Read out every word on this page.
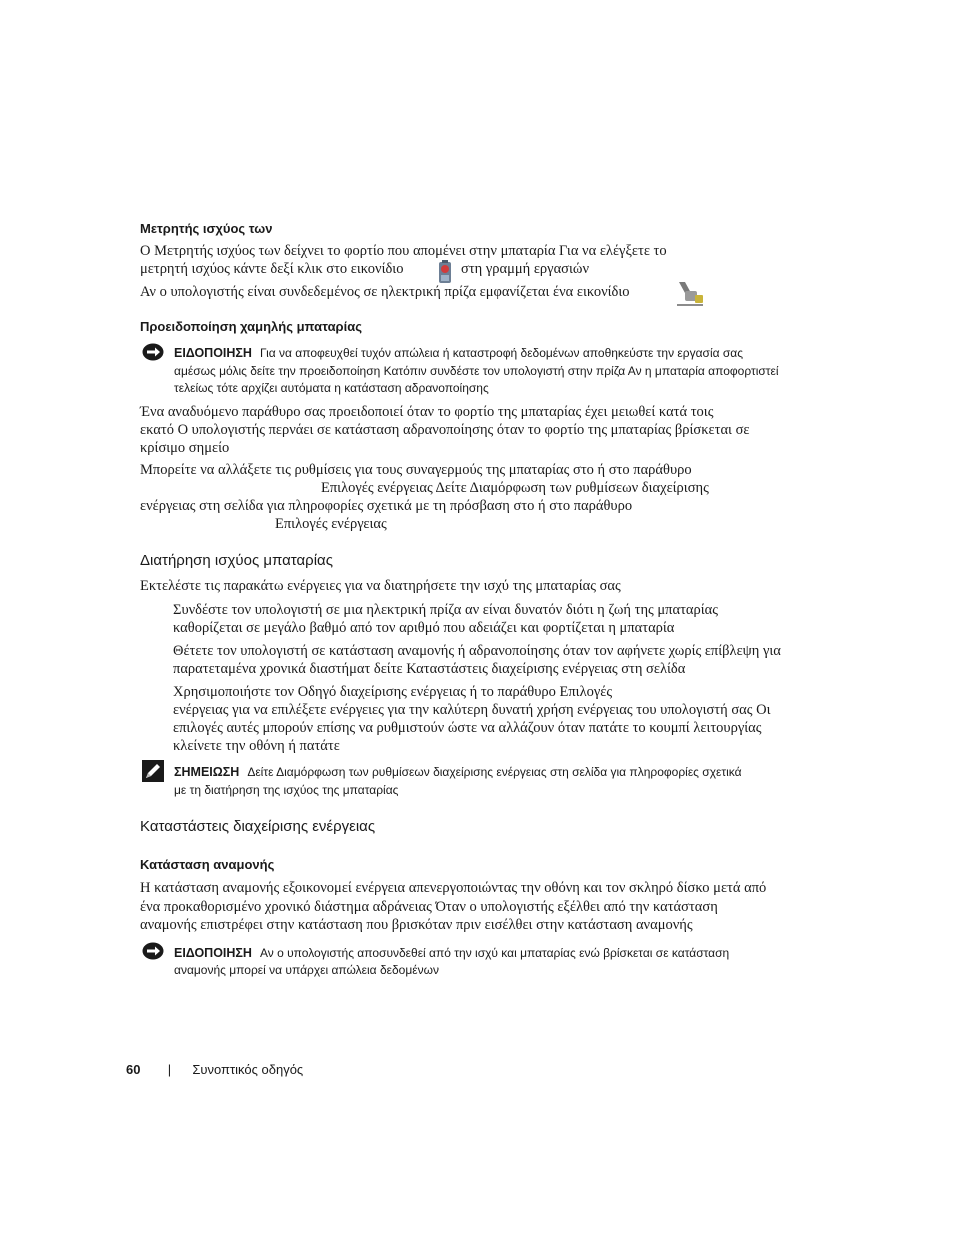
Μετρητής ισχύος των
Ο Μετρητής ισχύος των δείχνει το φορτίο που απομένει στην μπαταρία Για να ελέγξετε το
μετρητή ισχύος κάντε δεξί κλικ στο εικονίδιο	στη γραμμή εργασιών
Αν ο υπολογιστής είναι συνδεδεμένος σε ηλεκτρική πρίζα εμφανίζεται ένα εικονίδιο
Προειδοποίηση χαμηλής μπαταρίας
ΕΙΔΟΠΟΙΗΣΗ Για να αποφευχθεί τυχόν απώλεια ή καταστροφή δεδομένων αποθηκεύστε την εργασία σας
αμέσως μόλις δείτε την προειδοποίηση Κατόπιν συνδέστε τον υπολογιστή στην πρίζα Αν η μπαταρία αποφορτιστεί
τελείως τότε αρχίζει αυτόματα η κατάσταση αδρανοποίησης
Ένα αναδυόμενο παράθυρο σας προειδοποιεί όταν το φορτίο της μπαταρίας έχει μειωθεί κατά τοις
εκατό Ο υπολογιστής περνάει σε κατάσταση αδρανοποίησης όταν το φορτίο της μπαταρίας βρίσκεται σε
κρίσιμο σημείο
Μπορείτε να αλλάξετε τις ρυθμίσεις για τους συναγερμούς της μπαταρίας στο ή στο παράθυρο
Επιλογές ενέργειας Δείτε Διαμόρφωση των ρυθμίσεων διαχείρισης
ενέργειας στη σελίδα για πληροφορίες σχετικά με τη πρόσβαση στο ή στο παράθυρο
Επιλογές ενέργειας
Διατήρηση ισχύος μπαταρίας
Εκτελέστε τις παρακάτω ενέργειες για να διατηρήσετε την ισχύ της μπαταρίας σας
Συνδέστε τον υπολογιστή σε μια ηλεκτρική πρίζα αν είναι δυνατόν διότι η ζωή της μπαταρίας
καθορίζεται σε μεγάλο βαθμό από τον αριθμό που αδειάζει και φορτίζεται η μπαταρία
Θέτετε τον υπολογιστή σε κατάσταση αναμονής ή αδρανοποίησης όταν τον αφήνετε χωρίς επίβλεψη για
παρατεταμένα χρονικά διαστήματ δείτε Καταστάστεις διαχείρισης ενέργειας στη σελίδα
Χρησιμοποιήστε τον Οδηγό διαχείρισης ενέργειας ή το παράθυρο Επιλογές
ενέργειας για να επιλέξετε ενέργειες για την καλύτερη δυνατή χρήση ενέργειας του υπολογιστή σας Οι
επιλογές αυτές μπορούν επίσης να ρυθμιστούν ώστε να αλλάζουν όταν πατάτε το κουμπί λειτουργίας
κλείνετε την οθόνη ή πατάτε
ΣΗΜΕΙΩΣΗ Δείτε Διαμόρφωση των ρυθμίσεων διαχείρισης ενέργειας στη σελίδα για πληροφορίες σχετικά
με τη διατήρηση της ισχύος της μπαταρίας
Καταστάστεις διαχείρισης ενέργειας
Κατάσταση αναμονής
Η κατάσταση αναμονής εξοικονομεί ενέργεια απενεργοποιώντας την οθόνη και τον σκληρό δίσκο μετά από
ένα προκαθορισμένο χρονικό διάστημα αδράνειας Όταν ο υπολογιστής εξέλθει από την κατάσταση
αναμονής επιστρέφει στην κατάσταση που βρισκόταν πριν εισέλθει στην κατάσταση αναμονής
ΕΙΔΟΠΟΙΗΣΗ Αν ο υπολογιστής αποσυνδεθεί από την ισχύ και μπαταρίας ενώ βρίσκεται σε κατάσταση
αναμονής μπορεί να υπάρχει απώλεια δεδομένων
60 | Συνοπτικός οδηγός
